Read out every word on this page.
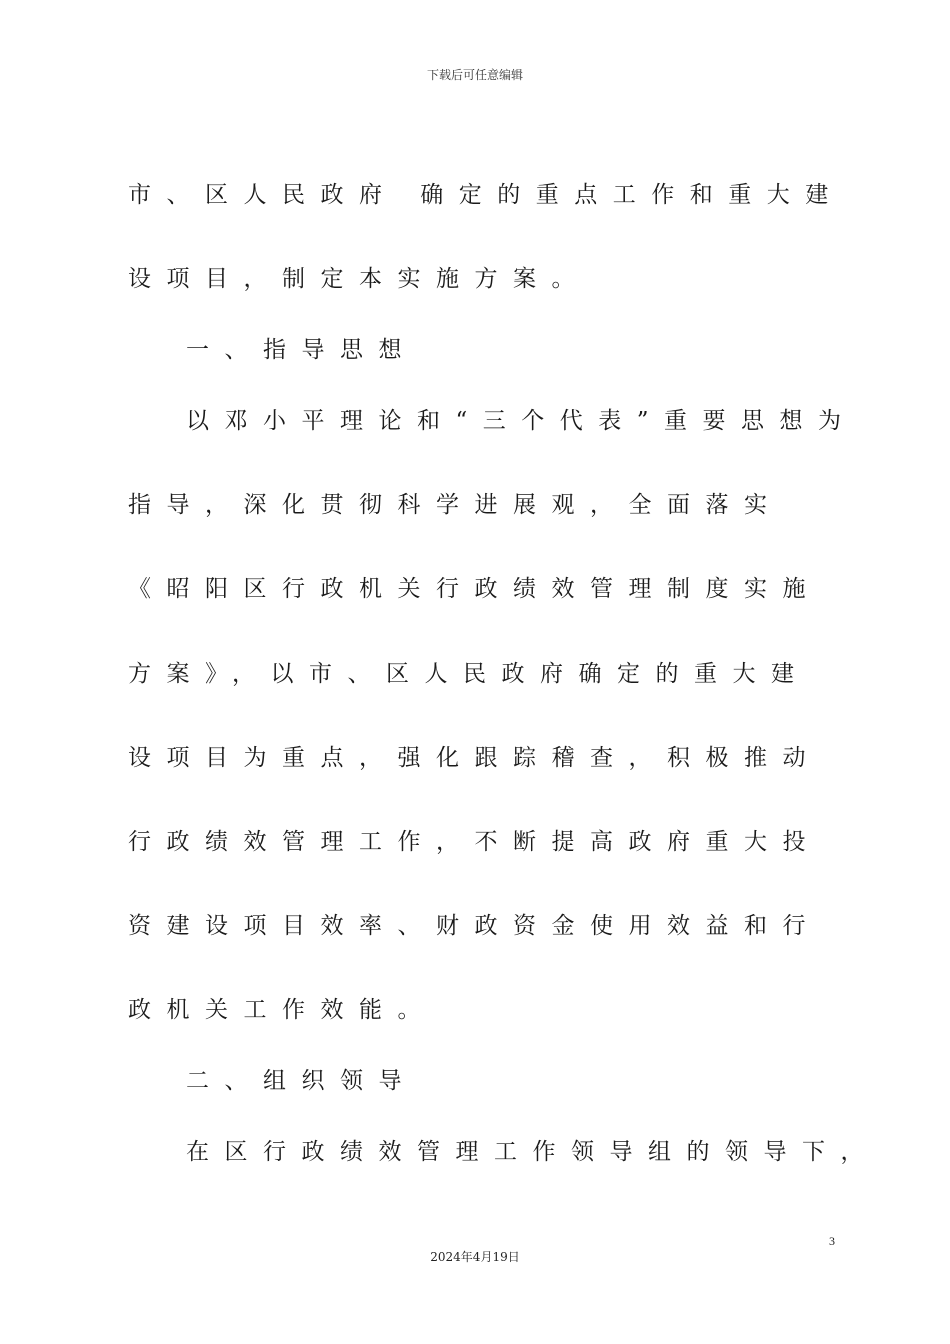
下载后可任意编辑
市、区人民政府 确定的重点工作和重大建
设项目，制定本实施方案。
一、指导思想
以邓小平理论和“三个代表”重要思想为
指导，深化贯彻科学进展观，全面落实
《昭阳区行政机关行政绩效管理制度实施
方案》，以市、区人民政府确定的重大建
设项目为重点，强化跟踪稽查，积极推动
行政绩效管理工作，不断提高政府重大投
资建设项目效率、财政资金使用效益和行
政机关工作效能。
二、组织领导
在区行政绩效管理工作领导组的领导下，
3
2024年4月19日
